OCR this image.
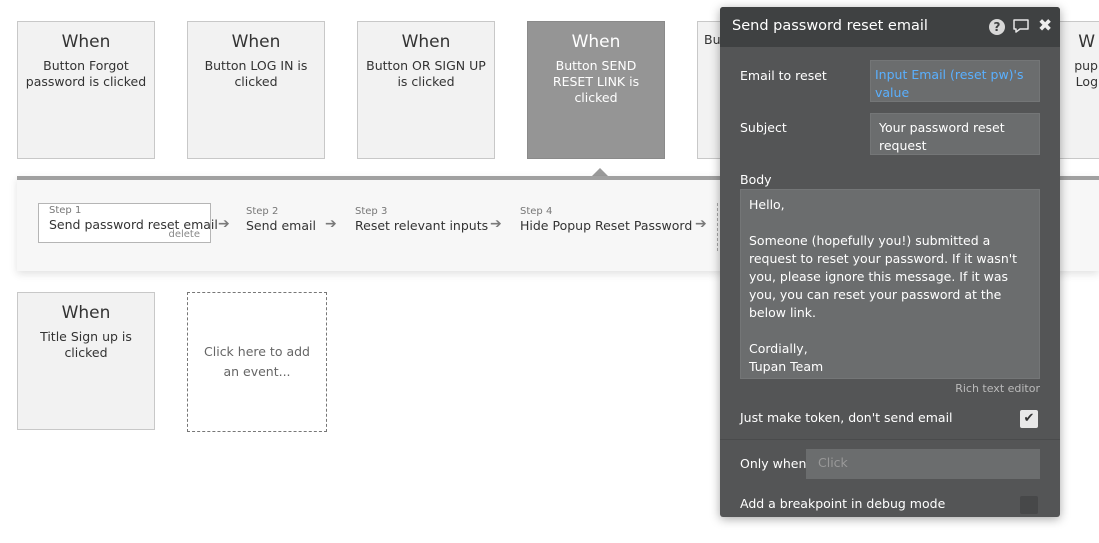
When
Button Forgot password is clicked
When
Button LOG IN is clicked
When
Button OR SIGN UP is clicked
When
Button SEND RESET LINK is clicked
Bu	W
pup Log
Step 1
Send password reset email
delete
➔
Step 2
Send email ➔
Step 3
Reset relevant inputs ➔
Step 4
Hide Popup Reset Password ➔
When
Title Sign up is clicked	Click here to add an event...
Send password reset email	? ✖
Email to reset	Input Email (reset pw)'s value
Subject	Your password reset request
Body
Hello,

Someone (hopefully you!) submitted a request to reset your password. If it wasn't you, please ignore this message. If it was you, you can reset your password at the below link.

Cordially,
Tupan Team
Rich text editor
Just make token, don't send email	✔
Only when Click
Add a breakpoint in debug mode
